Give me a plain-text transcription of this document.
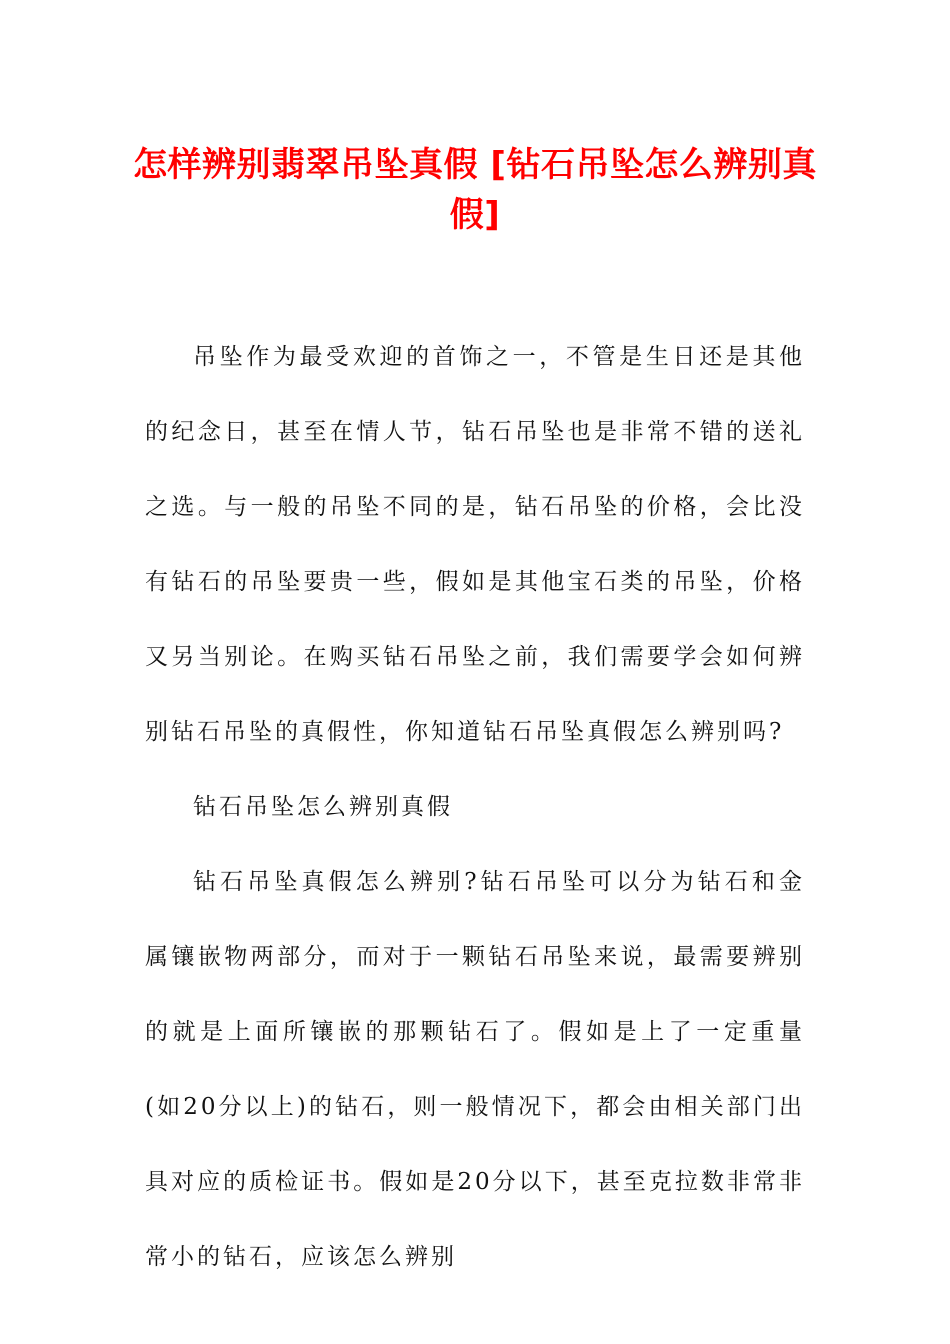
怎样辨别翡翠吊坠真假 [钻石吊坠怎么辨别真假]

吊坠作为最受欢迎的首饰之一，不管是生日还是其他的纪念日，甚至在情人节，钻石吊坠也是非常不错的送礼之选。与一般的吊坠不同的是，钻石吊坠的价格，会比没有钻石的吊坠要贵一些，假如是其他宝石类的吊坠，价格又另当别论。在购买钻石吊坠之前，我们需要学会如何辨别钻石吊坠的真假性，你知道钻石吊坠真假怎么辨别吗?

钻石吊坠怎么辨别真假

钻石吊坠真假怎么辨别?钻石吊坠可以分为钻石和金属镶嵌物两部分，而对于一颗钻石吊坠来说，最需要辨别的就是上面所镶嵌的那颗钻石了。假如是上了一定重量(如20分以上)的钻石，则一般情况下，都会由相关部门出具对应的质检证书。假如是20分以下，甚至克拉数非常非常小的钻石，应该怎么辨别
